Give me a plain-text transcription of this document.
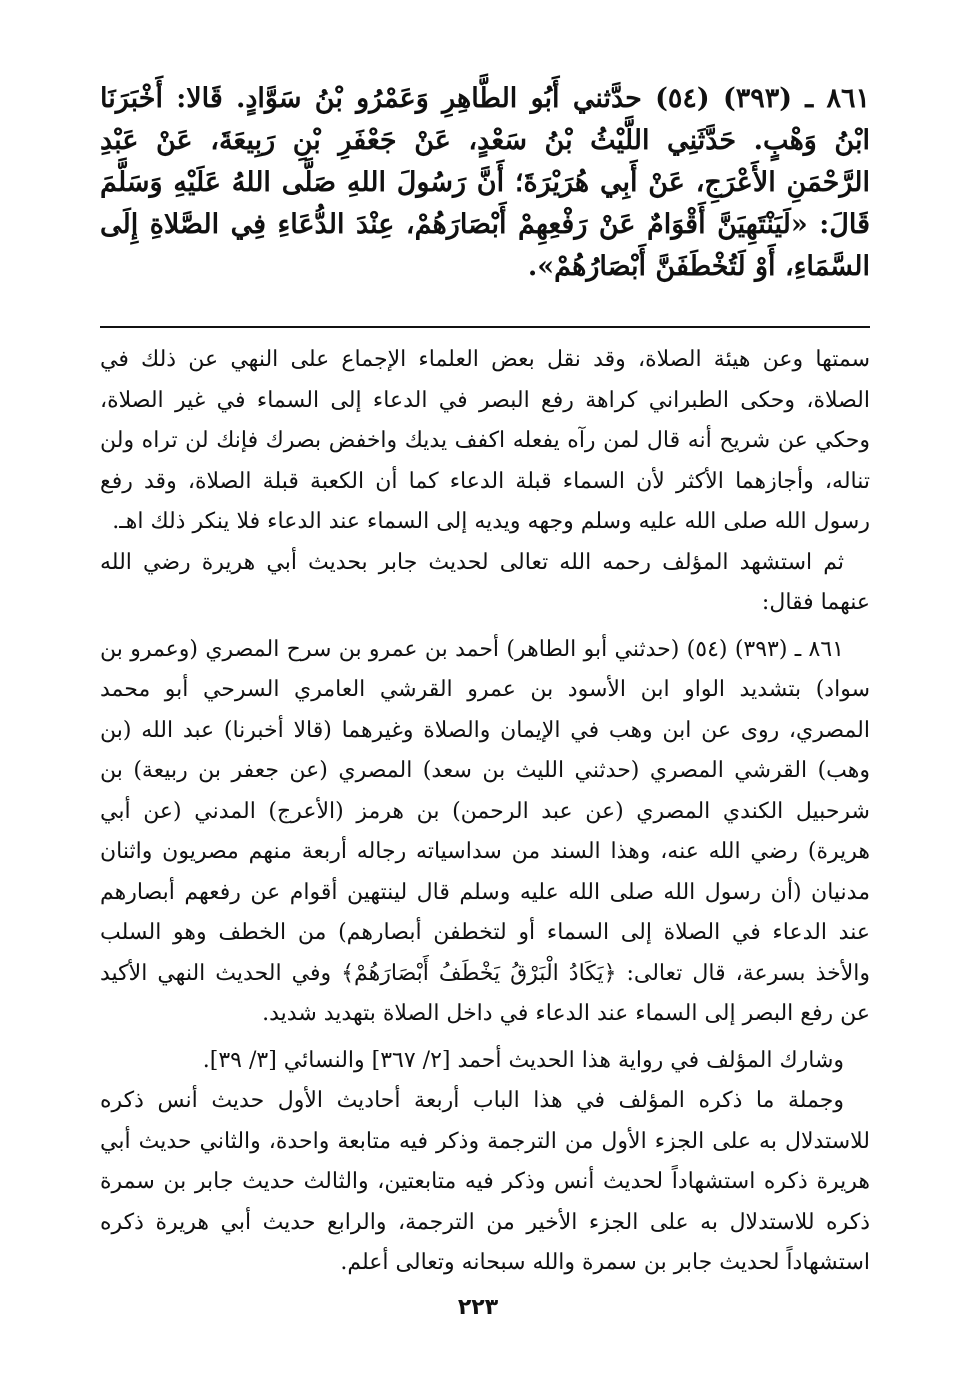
٨٦١ ـ (٣٩٣) (٥٤) حدَّثني أَبُو الطَّاهِرِ وَعَمْرُو بْنُ سَوَّادٍ. قَالا: أَخْبَرَنَا ابْنُ وَهْبٍ. حَدَّثَنِي اللَّيْثُ بْنُ سَعْدٍ، عَنْ جَعْفَرِ بْنِ رَبِيعَةَ، عَنْ عَبْدِ الرَّحْمَنِ الأَعْرَجِ، عَنْ أَبِي هُرَيْرَةَ؛ أَنَّ رَسُولَ اللهِ صَلَّى اللهُ عَلَيْهِ وَسَلَّمَ قَالَ: «لَيَنْتَهِيَنَّ أَقْوَامٌ عَنْ رَفْعِهِمْ أَبْصَارَهُمْ، عِنْدَ الدُّعَاءِ فِي الصَّلاةِ إِلَى السَّمَاءِ، أَوْ لَتُخْطَفَنَّ أَبْصَارُهُمْ».

سمتها وعن هيئة الصلاة، وقد نقل بعض العلماء الإجماع على النهي عن ذلك في الصلاة، وحكى الطبراني كراهة رفع البصر في الدعاء إلى السماء في غير الصلاة، وحكي عن شريح أنه قال لمن رآه يفعله اكفف يديك واخفض بصرك فإنك لن تراه ولن تناله، وأجازهما الأكثر لأن السماء قبلة الدعاء كما أن الكعبة قبلة الصلاة، وقد رفع رسول الله صلى الله عليه وسلم وجهه ويديه إلى السماء عند الدعاء فلا ينكر ذلك اهـ.

ثم استشهد المؤلف رحمه الله تعالى لحديث جابر بحديث أبي هريرة رضي الله عنهما فقال:

٨٦١ ـ (٣٩٣) (٥٤) (حدثني أبو الطاهر) أحمد بن عمرو بن سرح المصري (وعمرو بن سواد) بتشديد الواو ابن الأسود بن عمرو القرشي العامري السرحي أبو محمد المصري، روى عن ابن وهب في الإيمان والصلاة وغيرهما (قالا أخبرنا) عبد الله (بن وهب) القرشي المصري (حدثني الليث بن سعد) المصري (عن جعفر بن ربيعة) بن شرحبيل الكندي المصري (عن عبد الرحمن) بن هرمز (الأعرج) المدني (عن أبي هريرة) رضي الله عنه، وهذا السند من سداسياته رجاله أربعة منهم مصريون واثنان مدنيان (أن رسول الله صلى الله عليه وسلم قال لينتهين أقوام عن رفعهم أبصارهم عند الدعاء في الصلاة إلى السماء أو لتخطفن أبصارهم) من الخطف وهو السلب والأخذ بسرعة، قال تعالى: ﴿يَكَادُ الْبَرْقُ يَخْطَفُ أَبْصَارَهُمْ﴾ وفي الحديث النهي الأكيد عن رفع البصر إلى السماء عند الدعاء في داخل الصلاة بتهديد شديد.

وشارك المؤلف في رواية هذا الحديث أحمد [٢/ ٣٦٧] والنسائي [٣/ ٣٩].

وجملة ما ذكره المؤلف في هذا الباب أربعة أحاديث الأول حديث أنس ذكره للاستدلال به على الجزء الأول من الترجمة وذكر فيه متابعة واحدة، والثاني حديث أبي هريرة ذكره استشهاداً لحديث أنس وذكر فيه متابعتين، والثالث حديث جابر بن سمرة ذكره للاستدلال به على الجزء الأخير من الترجمة، والرابع حديث أبي هريرة ذكره استشهاداً لحديث جابر بن سمرة والله سبحانه وتعالى أعلم.

٢٢٣
